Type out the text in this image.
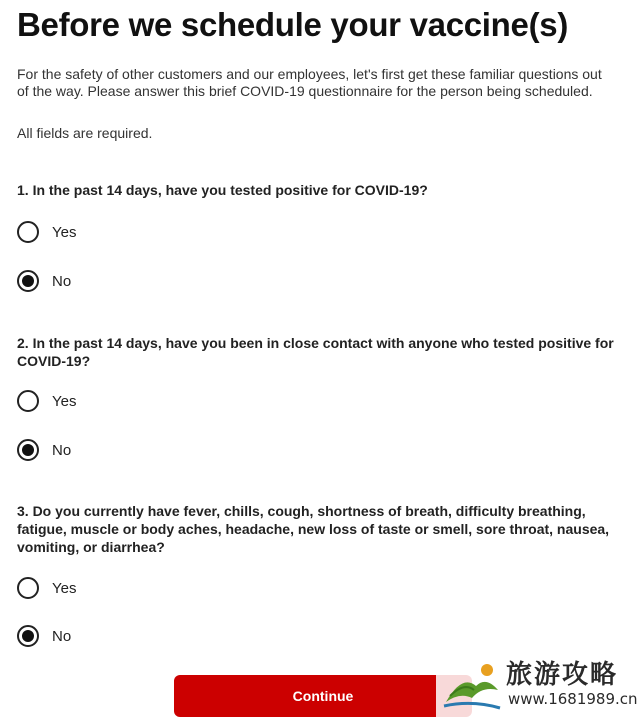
Before we schedule your vaccine(s)

For the safety of other customers and our employees, let's first get these familiar questions out of the way. Please answer this brief COVID-19 questionnaire for the person being scheduled.

All fields are required.

1. In the past 14 days, have you tested positive for COVID-19?

Yes
No

2. In the past 14 days, have you been in close contact with anyone who tested positive for COVID-19?

Yes
No

3. Do you currently have fever, chills, cough, shortness of breath, difficulty breathing, fatigue, muscle or body aches, headache, new loss of taste or smell, sore throat, nausea, vomiting, or diarrhea?

Yes
No
Continue
旅游攻略
www.1681989.cn
